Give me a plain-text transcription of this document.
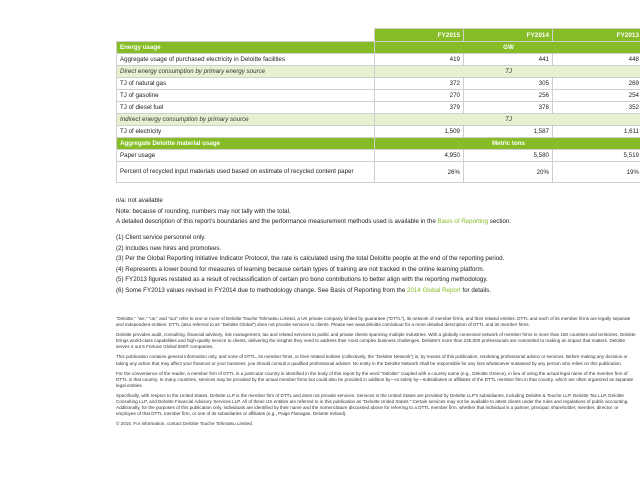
	FY2015	FY2014	FY2013
Energy usage	GW		
Aggregate usage of purchased electricity in Deloitte facilities	419	441	448
Direct energy consumption by primary energy source	TJ		
TJ of natural gas	372	305	269
TJ of gasoline	270	256	254
TJ of diesel fuel	379	378	352
Indirect energy consumption by primary source	TJ		
TJ of electricity	1,509	1,587	1,611
Aggregate Deloitte material usage	Metric tons		
Paper usage	4,950	5,580	5,519
Percent of recycled input materials used based on estimate of recycled content paper	26%	20%	19%

n/a: not available

Note: because of rounding, numbers may not tally with the total.

A detailed description of this report’s boundaries and the performance measurement methods used is available in the Basis of Reporting section.

(1) Client service personnel only.

(2) Includes new hires and promotees.

(3) Per the Global Reporting Initiative Indicator Protocol, the rate is calculated using the total Deloitte people at the end of the reporting period.

(4) Represents a lower bound for measures of learning because certain types of training are not tracked in the online learning platform.

(5) FY2013 figures restated as a result of reclassification of certain pro bono contributions to better align with the reporting methodology.

(6) Some FY2013 values revised in FY2014 due to methodology change. See Basis of Reporting from the 2014 Global Report for details.

“Deloitte,” “we,” “us,” and “our” refer to one or more of Deloitte Touche Tohmatsu Limited, a UK private company limited by guarantee (“DTTL”), its network of member firms, and their related entities. DTTL and each of its member firms are legally separate and independent entities. DTTL (also referred to as “Deloitte Global”) does not provide services to clients. Please see www.deloitte.com/about for a more detailed description of DTTL and its member firms.

Deloitte provides audit, consulting, financial advisory, risk management, tax and related services to public and private clients spanning multiple industries. With a globally connected network of member firms in more than 150 countries and territories, Deloitte brings world-class capabilities and high-quality service to clients, delivering the insights they need to address their most complex business challenges. Deloitte’s more than 225,000 professionals are committed to making an impact that matters. Deloitte serves 4 out 5 Fortune Global 500® companies.

This publication contains general information only, and none of DTTL, its member firms, or their related entities (collectively, the “Deloitte Network”) is, by means of this publication, rendering professional advice or services. Before making any decision or taking any action that may affect your finances or your business, you should consult a qualified professional adviser. No entity in the Deloitte Network shall be responsible for any loss whatsoever sustained by any person who relies on this publication.

For the convenience of the reader, a member firm of DTTL in a particular country is identified in the body of this report by the word “Deloitte” coupled with a country name (e.g., Deloitte Greece), in lieu of using the actual legal name of the member firm of DTTL in that country. In many countries, services may be provided by the actual member firms but could also be provided in addition by—or solely by—subsidiaries or affiliates of the DTTL member firm in that country, which are often organized as separate legal entities.

Specifically, with respect to the United States, Deloitte LLP is the member firm of DTTL and does not provide services. Services in the United States are provided by Deloitte LLP’s subsidiaries, including Deloitte & Touche LLP, Deloitte Tax LLP, Deloitte Consulting LLP, and Deloitte Financial Advisory Services LLP. All of these US entities are referred to in this publication as “Deloitte United States.” Certain services may not be available to attest clients under the rules and regulations of public accounting. Additionally, for the purposes of this publication only, individuals are identified by their name and the nomenclature discussed above for referring to a DTTL member firm, whether that individual is a partner, principal, shareholder, member, director, or employee of that DTTL member firm, or one of its subsidiaries or affiliates (e.g., Paige Flanagan, Deloitte Ireland).

© 2015. For information, contact Deloitte Touche Tohmatsu Limited.
